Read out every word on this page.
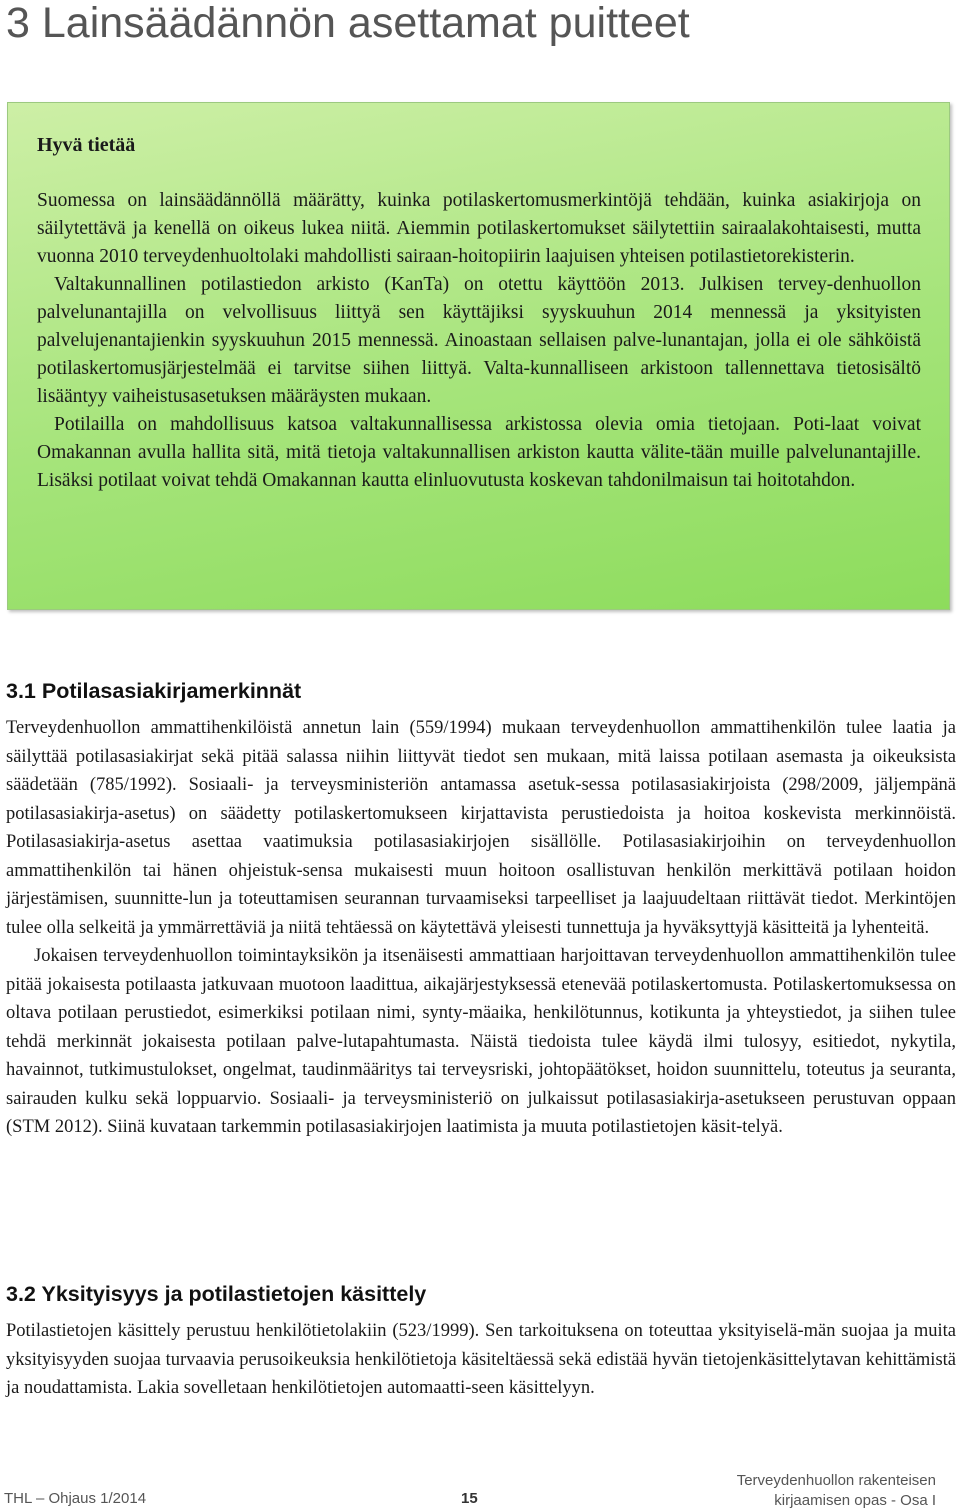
3 Lainsäädännön asettamat puitteet
Hyvä tietää

Suomessa on lainsäädännöllä määrätty, kuinka potilaskertomusmerkintöjä tehdään, kuinka asiakirjoja on säilytettävä ja kenellä on oikeus lukea niitä. Aiemmin potilaskertomukset säilytettiin sairaalakohtaisesti, mutta vuonna 2010 terveydenhuoltolaki mahdollisti sairaan-hoitopiirin laajuisen yhteisen potilastietorekisterin.

Valtakunnallinen potilastiedon arkisto (KanTa) on otettu käyttöön 2013. Julkisen tervey-denhuollon palvelunantajilla on velvollisuus liittyä sen käyttäjiksi syyskuuhun 2014 mennessä ja yksityisten palvelujenantajienkin syyskuuhun 2015 mennessä. Ainoastaan sellaisen palve-lunantajan, jolla ei ole sähköistä potilaskertomusjärjestelmää ei tarvitse siihen liittyä. Valta-kunnalliseen arkistoon tallennettava tietosisältö lisääntyy vaiheistusasetuksen määräysten mukaan.

Potilailla on mahdollisuus katsoa valtakunnallisessa arkistossa olevia omia tietojaan. Poti-laat voivat Omakannan avulla hallita sitä, mitä tietoja valtakunnallisen arkiston kautta välite-tään muille palvelunantajille. Lisäksi potilaat voivat tehdä Omakannan kautta elinluovutusta koskevan tahdonilmaisun tai hoitotahdon.

3.1 Potilasasiakirjamerkinnät

Terveydenhuollon ammattihenkilöistä annetun lain (559/1994) mukaan terveydenhuollon ammattihenkilön tulee laatia ja säilyttää potilasasiakirjat sekä pitää salassa niihin liittyvät tiedot sen mukaan, mitä laissa potilaan asemasta ja oikeuksista säädetään (785/1992). Sosiaali- ja terveysministeriön antamassa asetuk-sessa potilasasiakirjoista (298/2009, jäljempänä potilasasiakirja-asetus) on säädetty potilaskertomukseen kirjattavista perustiedoista ja hoitoa koskevista merkinnöistä. Potilasasiakirja-asetus asettaa vaatimuksia potilasasiakirjojen sisällölle. Potilasasiakirjoihin on terveydenhuollon ammattihenkilön tai hänen ohjeistuk-sensa mukaisesti muun hoitoon osallistuvan henkilön merkittävä potilaan hoidon järjestämisen, suunnitte-lun ja toteuttamisen seurannan turvaamiseksi tarpeelliset ja laajuudeltaan riittävät tiedot. Merkintöjen tulee olla selkeitä ja ymmärrettäviä ja niitä tehtäessä on käytettävä yleisesti tunnettuja ja hyväksyttyjä käsitteitä ja lyhenteitä.

Jokaisen terveydenhuollon toimintayksikön ja itsenäisesti ammattiaan harjoittavan terveydenhuollon ammattihenkilön tulee pitää jokaisesta potilaasta jatkuvaan muotoon laadittua, aikajärjestyksessä etenevää potilaskertomusta. Potilaskertomuksessa on oltava potilaan perustiedot, esimerkiksi potilaan nimi, synty-mäaika, henkilötunnus, kotikunta ja yhteystiedot, ja siihen tulee tehdä merkinnät jokaisesta potilaan palve-lutapahtumasta. Näistä tiedoista tulee käydä ilmi tulosyy, esitiedot, nykytila, havainnot, tutkimustulokset, ongelmat, taudinmääritys tai terveysriski, johtopäätökset, hoidon suunnittelu, toteutus ja seuranta, sairauden kulku sekä loppuarvio. Sosiaali- ja terveysministeriö on julkaissut potilasasiakirja-asetukseen perustuvan oppaan (STM 2012). Siinä kuvataan tarkemmin potilasasiakirjojen laatimista ja muuta potilastietojen käsit-telyä.

3.2 Yksityisyys ja potilastietojen käsittely

Potilastietojen käsittely perustuu henkilötietolakiin (523/1999). Sen tarkoituksena on toteuttaa yksityiselä-män suojaa ja muita yksityisyyden suojaa turvaavia perusoikeuksia henkilötietoja käsiteltäessä sekä edistää hyvän tietojenkäsittelytavan kehittämistä ja noudattamista. Lakia sovelletaan henkilötietojen automaatti-seen käsittelyyn.

THL – Ohjaus 1/2014	15
Terveydenhuollon rakenteisen
kirjaamisen opas - Osa I
